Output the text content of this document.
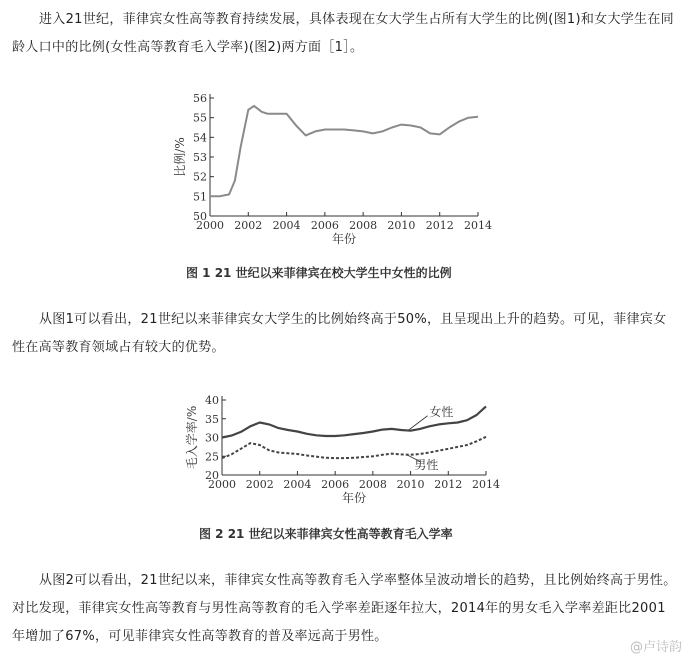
进入21世纪，菲律宾女性高等教育持续发展，具体表现在女大学生占所有大学生的比例(图1)和女大学生在同龄人口中的比例(女性高等教育毛入学率)(图2)两方面［1］。

50
51
52
53
54
55
56
2000 2002 2004 2006 2008 2010 2012 2014
年份
比例/%

图 1 21 世纪以来菲律宾在校大学生中女性的比例

从图1可以看出，21世纪以来菲律宾女大学生的比例始终高于50%，且呈现出上升的趋势。可见，菲律宾女性在高等教育领域占有较大的优势。

20
25
30
35
40
2000 2002 2004 2006 2008 2010 2012 2014
年份
毛入学率/%	女性
男性

图 2 21 世纪以来菲律宾女性高等教育毛入学率

从图2可以看出，21世纪以来，菲律宾女性高等教育毛入学率整体呈波动增长的趋势，且比例始终高于男性。对比发现，菲律宾女性高等教育与男性高等教育的毛入学率差距逐年拉大，2014年的男女毛入学率差距比2001年增加了67%，可见菲律宾女性高等教育的普及率远高于男性。

@卢诗韵
